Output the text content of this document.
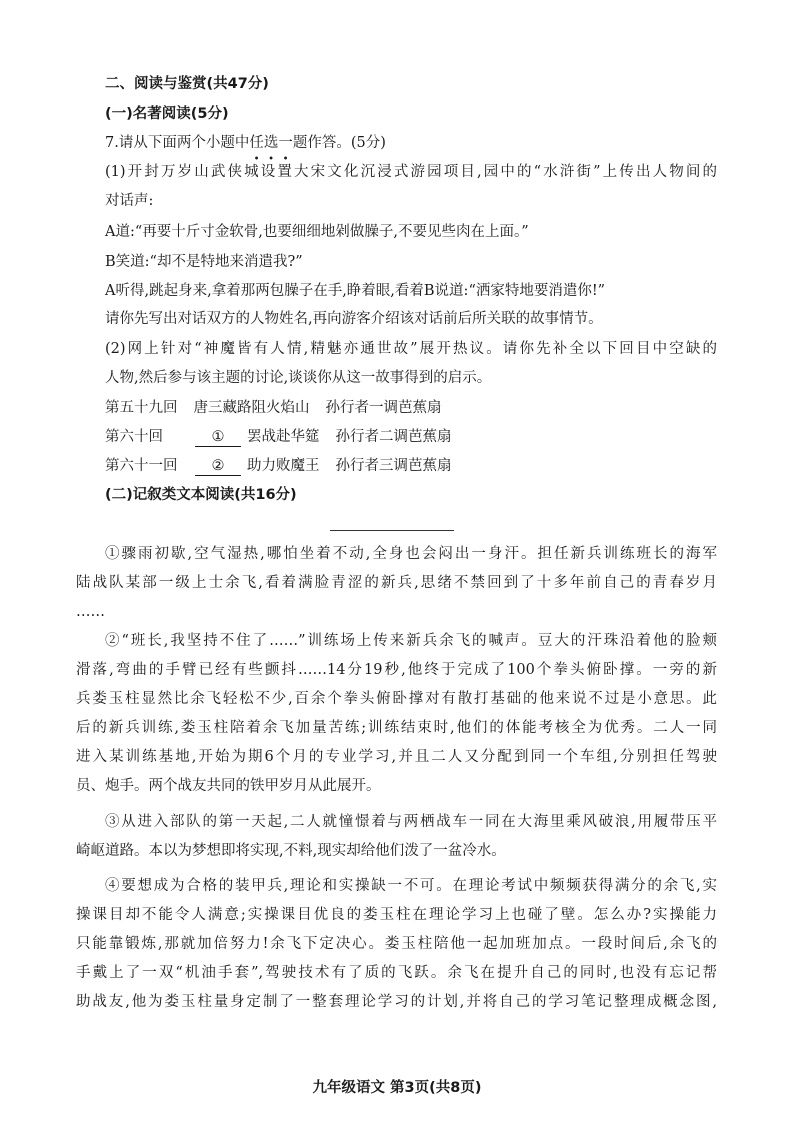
二、阅读与鉴赏(共47分)
(一)名著阅读(5分)
7.请从下面两个小题中任选一题作答。(5分)
(1)开封万岁山武侠城设置大宋文化沉浸式游园项目,园中的“水浒街”上传出人物间的
对话声:
A道:“再要十斤寸金软骨,也要细细地剁做臊子,不要见些肉在上面。”
B笑道:“却不是特地来消遣我?”
A听得,跳起身来,拿着那两包臊子在手,睁着眼,看着B说道:“洒家特地要消遣你!”
请你先写出对话双方的人物姓名,再向游客介绍该对话前后所关联的故事情节。
(2)网上针对“神魔皆有人情,精魅亦通世故”展开热议。请你先补全以下回目中空缺的
人物,然后参与该主题的讨论,谈谈你从这一故事得到的启示。
第五十九回 唐三藏路阻火焰山 孙行者一调芭蕉扇
第六十回	① 罢战赴华筵 孙行者二调芭蕉扇
第六十一回 ② 助力败魔王 孙行者三调芭蕉扇
(二)记叙类文本阅读(共16分)
①骤雨初歇,空气湿热,哪怕坐着不动,全身也会闷出一身汗。担任新兵训练班长的海军
陆战队某部一级上士余飞,看着满脸青涩的新兵,思绪不禁回到了十多年前自己的青春岁月
……
②“班长,我坚持不住了……”训练场上传来新兵余飞的喊声。豆大的汗珠沿着他的脸颊
滑落,弯曲的手臂已经有些颤抖……14分19秒,他终于完成了100个拳头俯卧撑。一旁的新
兵娄玉柱显然比余飞轻松不少,百余个拳头俯卧撑对有散打基础的他来说不过是小意思。此
后的新兵训练,娄玉柱陪着余飞加量苦练;训练结束时,他们的体能考核全为优秀。二人一同
进入某训练基地,开始为期6个月的专业学习,并且二人又分配到同一个车组,分别担任驾驶
员、炮手。两个战友共同的铁甲岁月从此展开。
③从进入部队的第一天起,二人就憧憬着与两栖战车一同在大海里乘风破浪,用履带压平
崎岖道路。本以为梦想即将实现,不料,现实却给他们泼了一盆冷水。
④要想成为合格的装甲兵,理论和实操缺一不可。在理论考试中频频获得满分的余飞,实
操课目却不能令人满意;实操课目优良的娄玉柱在理论学习上也碰了壁。怎么办?实操能力
只能靠锻炼,那就加倍努力!余飞下定决心。娄玉柱陪他一起加班加点。一段时间后,余飞的
手戴上了一双“机油手套”,驾驶技术有了质的飞跃。余飞在提升自己的同时,也没有忘记帮
助战友,他为娄玉柱量身定制了一整套理论学习的计划,并将自己的学习笔记整理成概念图,
九年级语文 第3页(共8页)
